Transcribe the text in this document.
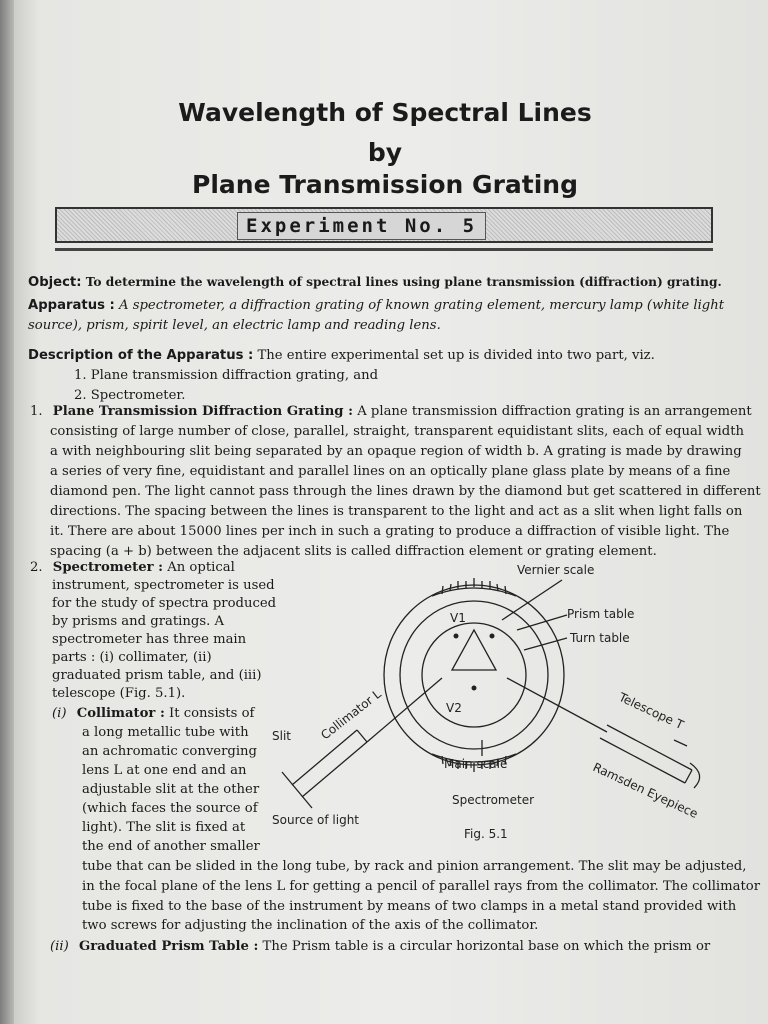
Wavelength of Spectral Lines
by
Plane Transmission Grating
Experiment No. 5
Object: To determine the wavelength of spectral lines using plane transmission (diffraction) grating.
Apparatus : A spectrometer, a diffraction grating of known grating element, mercury lamp (white light
source), prism, spirit level, an electric lamp and reading lens.
Description of the Apparatus : The entire experimental set up is divided into two part, viz.
1. Plane transmission diffraction grating, and
2. Spectrometer.
1. Plane Transmission Diffraction Grating : A plane transmission diffraction grating is an arrangement
consisting of large number of close, parallel, straight, transparent equidistant slits, each of equal width
a with neighbouring slit being separated by an opaque region of width b. A grating is made by drawing
a series of very fine, equidistant and parallel lines on an optically plane glass plate by means of a fine
diamond pen. The light cannot pass through the lines drawn by the diamond but get scattered in different
directions. The spacing between the lines is transparent to the light and act as a slit when light falls on
it. There are about 15000 lines per inch in such a grating to produce a diffraction of visible light. The
spacing (a + b) between the adjacent slits is called diffraction element or grating element.
2. Spectrometer : An optical
instrument, spectrometer is used
for the study of spectra produced
by prisms and gratings. A
spectrometer has three main
parts : (i) collimater, (ii)
graduated prism table, and (iii)
telescope (Fig. 5.1).
(i) Collimator : It consists of
a long metallic tube with
an achromatic converging
lens L at one end and an
adjustable slit at the other
(which faces the source of
light). The slit is fixed at
the end of another smaller
tube that can be slided in the long tube, by rack and pinion arrangement. The slit may be adjusted,
in the focal plane of the lens L for getting a pencil of parallel rays from the collimator. The collimator
tube is fixed to the base of the instrument by means of two clamps in a metal stand provided with
two screws for adjusting the inclination of the axis of the collimator.
(ii) Graduated Prism Table : The Prism table is a circular horizontal base on which the prism or
Vernier scale
Prism table
Turn table
V1
V2
Collimator L
Slit
Telescope T
Main scale	Ramsden Eyepiece
Spectrometer
Source of light
Fig. 5.1
